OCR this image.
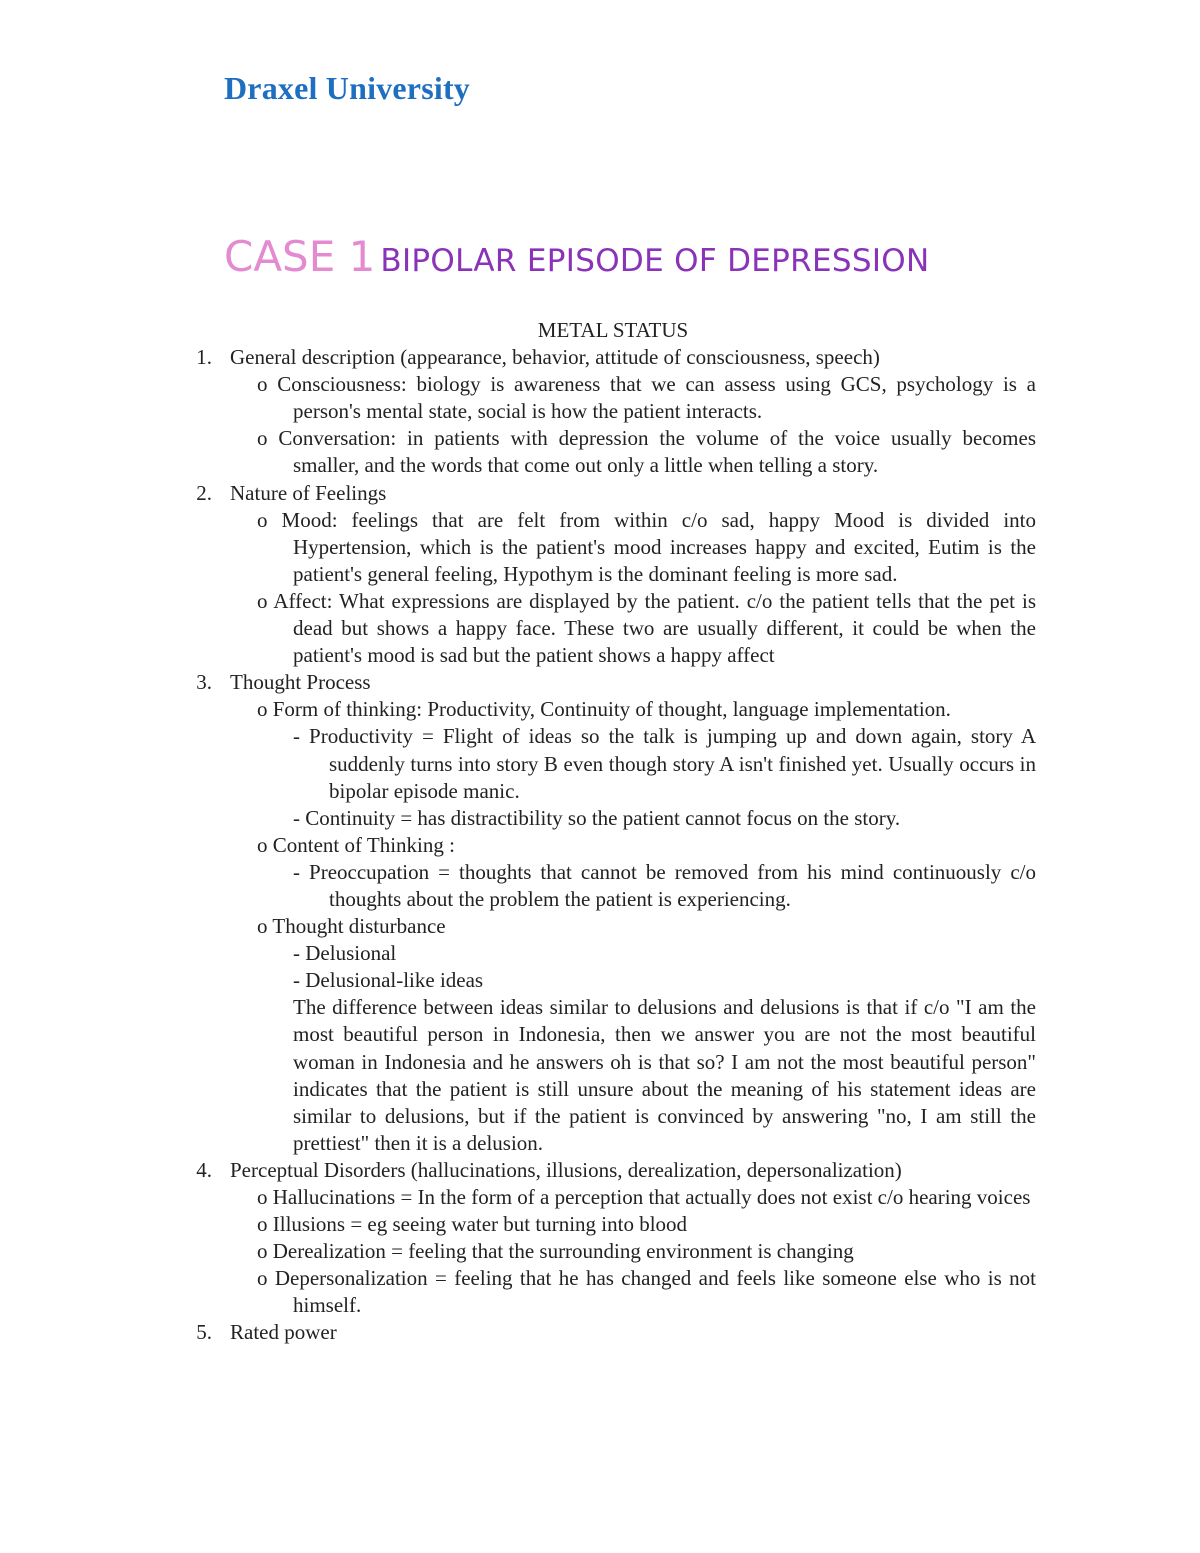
Draxel University
CASE 1 BIPOLAR EPISODE OF DEPRESSION
METAL STATUS
1. General description (appearance, behavior, attitude of consciousness, speech)
o Consciousness: biology is awareness that we can assess using GCS, psychology is a person's mental state, social is how the patient interacts.
o Conversation: in patients with depression the volume of the voice usually becomes smaller, and the words that come out only a little when telling a story.
2. Nature of Feelings
o Mood: feelings that are felt from within c/o sad, happy Mood is divided into Hypertension, which is the patient's mood increases happy and excited, Eutim is the patient's general feeling, Hypothym is the dominant feeling is more sad.
o Affect: What expressions are displayed by the patient. c/o the patient tells that the pet is dead but shows a happy face. These two are usually different, it could be when the patient's mood is sad but the patient shows a happy affect
3. Thought Process
o Form of thinking: Productivity, Continuity of thought, language implementation.
- Productivity = Flight of ideas so the talk is jumping up and down again, story A suddenly turns into story B even though story A isn't finished yet. Usually occurs in bipolar episode manic.
- Continuity = has distractibility so the patient cannot focus on the story.
o Content of Thinking :
- Preoccupation = thoughts that cannot be removed from his mind continuously c/o thoughts about the problem the patient is experiencing.
o Thought disturbance
- Delusional
- Delusional-like ideas
The difference between ideas similar to delusions and delusions is that if c/o "I am the most beautiful person in Indonesia, then we answer you are not the most beautiful woman in Indonesia and he answers oh is that so? I am not the most beautiful person" indicates that the patient is still unsure about the meaning of his statement ideas are similar to delusions, but if the patient is convinced by answering "no, I am still the prettiest" then it is a delusion.
4. Perceptual Disorders (hallucinations, illusions, derealization, depersonalization)
o Hallucinations = In the form of a perception that actually does not exist c/o hearing voices
o Illusions = eg seeing water but turning into blood
o Derealization = feeling that the surrounding environment is changing
o Depersonalization = feeling that he has changed and feels like someone else who is not himself.
5. Rated power
